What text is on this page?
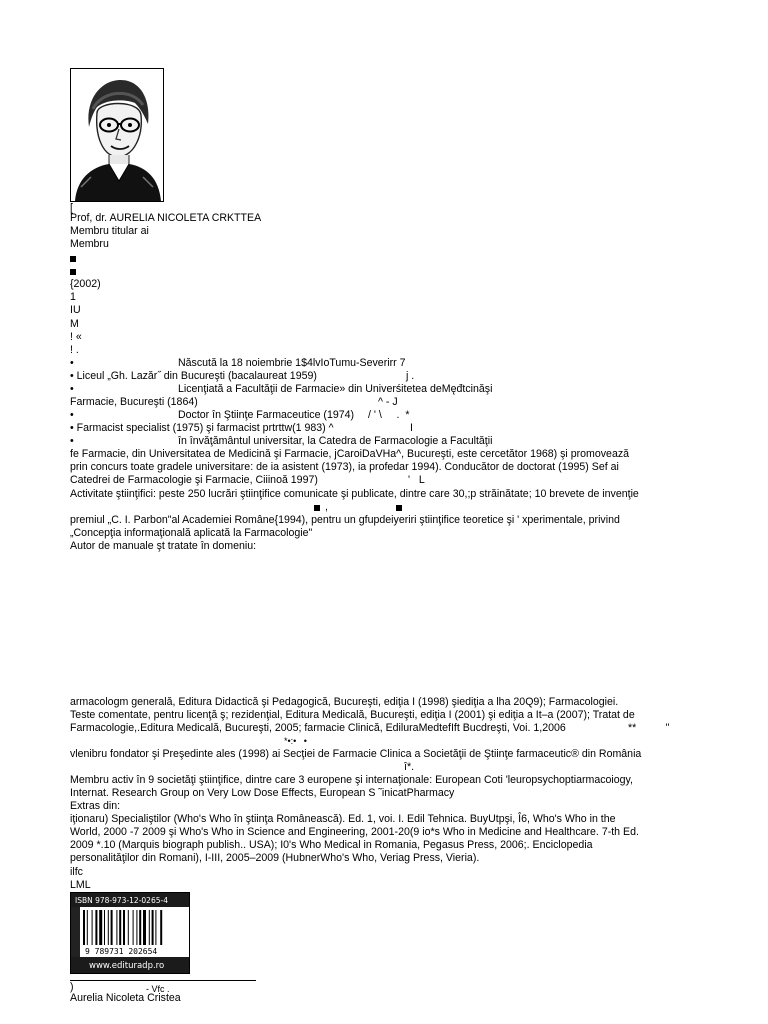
[
Prof, dr. AURELIA NICOLETA CRKTTEA
Membru titular ai
Membru
{2002)
1
IU
M
! «
! .
•	Născută la 18 noiembrie 1$4lvIoTumu-Severirr 7
• Liceul „Gh. Lazăr˝ din Bucureşti (bacalaureat 1959)	j .
•	Licenţiată a Facultăţii de Farmacie» din Univerśitetea deMęđtcinăşi
Farmacie, Bucureşti (1864)	^ - J
•	Doctor în Ştiinţe Farmaceutice (1974) / ' \     .  *
• Farmacist specialist (1975) şi farmacist prtrttw(1 983) ^	I
•	în învăţământul universitar, la Catedra de Farmacologie a Facultăţii
fe Farmacie, din Universitatea de Medicină şi Farmacie, jCaroiDaVHa^, Bucureşti, este cercetător 1968) şi promovează
prin concurs toate gradele universitare: de ia asistent (1973), ia profedar 1994). Conducător de doctorat (1995) Sef ai
Catedrei de Farmacologie şi Farmacie, Ciiinoă 1997)	'   L
Activitate ştiinţifici: peste 250 lucrări ştiinţifice comunicate şi publicate, dintre care 30,;p străinătate; 10 brevete de invenţie
,
premiul „C. I. Parbon"al Academiei Române{1994), pentru un gfupdeiyeriri ştiinţifice teoretice şi ' xperimentale, privind
„Concepţia informaţională aplicată la Farmacologie"
Autor de manuale şt tratate în domeniu:
armacologm generală, Editura Didactică şi Pedagogică, Bucureşti, ediţia I (1998) şiediţia a lha 20Q9); Farmacologiei.
Teste comentate, pentru licenţă ş; rezidenţial, Editura Medicală, Bucureşti, ediţia I (2001) şi ediţia a It–a (2007); Tratat de
Farmacologie,.Editura Medicală, Bucureşti, 2005; farmacie Clinică, EdiluraMedtefIft Bucdreşti, Voi. 1,2006	**          "
*•:•   •
vlenibru fondator şi Preşedinte ales (1998) ai Secţiei de Farmacie Clinica a Societăţii de Ştiinţe farmaceutic® din România
î*.
Membru activ în 9 societăţi ştiinţifice, dintre care 3 europene şi internaţionale: European Coti 'leuropsychoptiarmacoiogy,
Internat. Research Group on Very Low Dose Effects, European S ˜inicatPharmacy
Extras din:
iţionaru) Specialiştilor (Who's Who în ştiinţa Românească). Ed. 1, voi. I. Edil Tehnica. BuyUtpşi, Î6, Who's Who in the
World, 2000 -7 2009 şi Who's Who in Science and Engineering, 2001-20(9 io*s Who in Medicine and Healthcare. 7-th Ed.
2009 *.10 (Marquis biograph publish.. USA); I0's Who Medical in Romania, Pegasus Press, 2006;. Enciclopedia
personalităţilor din Romani), I-III, 2005–2009 (HubnerWho's Who, Veriag Press, Vieria).
ilfc
LML
ISBN 978-973-12-0265-4
9 789731 202654
www.edituradp.ro
)	- Vfc .
Aurelia Nicoleta Cristea
